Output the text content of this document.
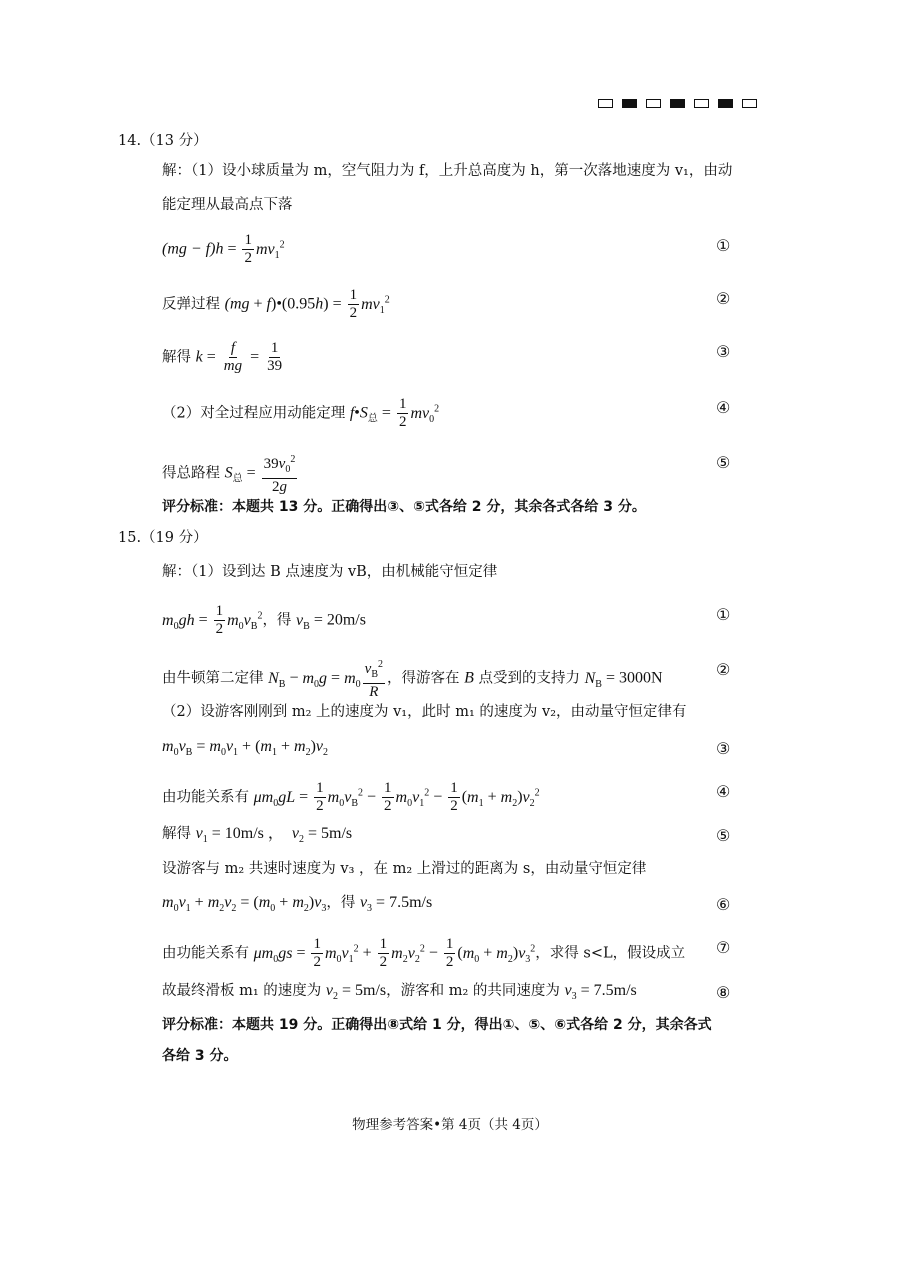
14.（13 分）
解：（1）设小球质量为 m，空气阻力为 f，上升总高度为 h，第一次落地速度为 v₁，由动
能定理从最高点下落
$(mg - f)h = \frac{1}{2} mv_1^2$	①
反弹过程 (mg + f)•(0.95h) = $\frac{1}{2} mv_1^2$	②
解得 $k = \frac{f}{mg} = \frac{1}{39}$	③
（2）对全过程应用动能定理 $f•S_总 = \frac{1}{2} mv_0^2$	④
得总路程 $S_总 = \frac{39v_0^2}{2g}$	⑤
评分标准：本题共 13 分。正确得出③、⑤式各给 2 分，其余各式各给 3 分。
15.（19 分）
解：（1）设到达 B 点速度为 vB，由机械能守恒定律
$m_0gh = \frac{1}{2} m_0v_B^2$，得 $v_B = 20m/s$	①
由牛顿第二定律 $N_B - m_0g = m_0 \frac{v_B^2}{R}$ ，得游客在 B 点受到的支持力 $N_B = 3000N$	②
（2）设游客刚刚到 m₂ 上的速度为 v₁，此时 m₁ 的速度为 v₂，由动量守恒定律有
$m_0v_B = m_0v_1 + (m_1 + m_2)v_2$	③
由功能关系有 $\mu m_0gL = \frac{1}{2} m_0v_B^2 - \frac{1}{2} m_0v_1^2 - \frac{1}{2} (m_1 + m_2)v_2^2$	④
解得 $v_1 = 10m/s$ ，  $v_2 = 5m/s$	⑤
设游客与 m₂ 共速时速度为 v₃ ，在 m₂ 上滑过的距离为 s，由动量守恒定律
$m_0v_1 + m_2v_2 = (m_0 + m_2)v_3$，得 $v_3 = 7.5m/s$	⑥
由功能关系有 $\mu m_0gs = \frac{1}{2} m_0v_1^2 + \frac{1}{2} m_2v_2^2 - \frac{1}{2} (m_0 + m_2)v_3^2$，求得 s<L，假设成立 ⑦
故最终滑板 m₁ 的速度为 $v_2 = 5m/s$，游客和 m₂ 的共同速度为 $v_3 = 7.5m/s$	⑧
评分标准：本题共 19 分。正确得出⑧式给 1 分，得出①、⑤、⑥式各给 2 分，其余各式
各给 3 分。
物理参考答案•第 4页（共 4页）
